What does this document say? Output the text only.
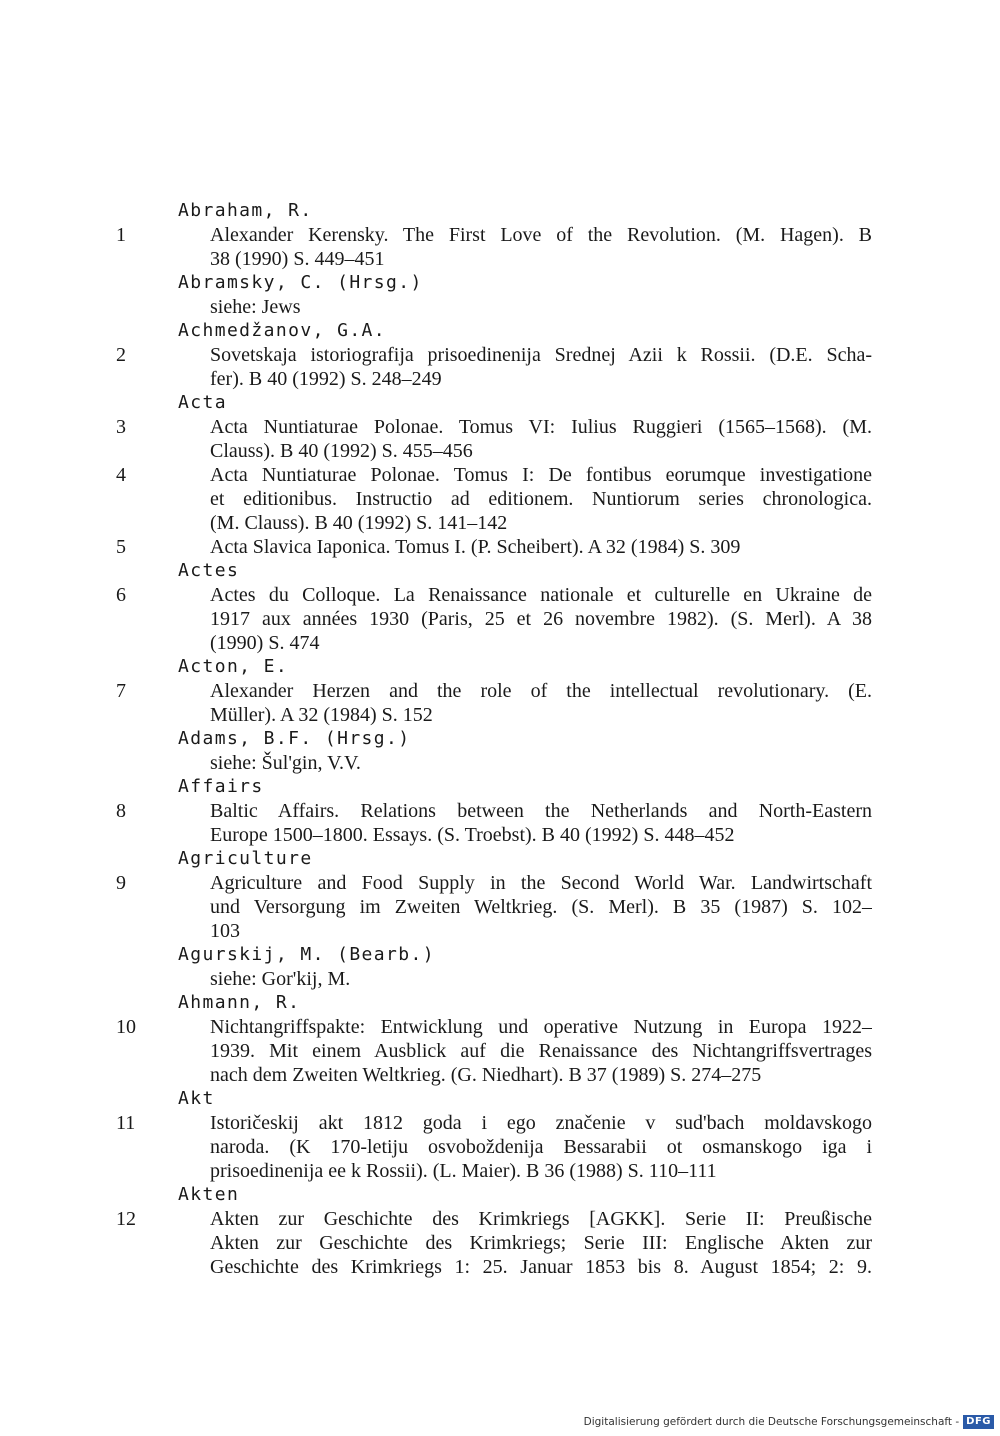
Abraham, R.
1	Alexander Kerensky. The First Love of the Revolution. (M. Hagen). B
38 (1990) S. 449–451
Abramsky, C. (Hrsg.)
siehe: Jews
Achmedžanov, G.A.
2	Sovetskaja istoriografija prisoedinenija Srednej Azii k Rossii. (D.E. Scha-
fer). B 40 (1992) S. 248–249
Acta
3	Acta Nuntiaturae Polonae. Tomus VI: Iulius Ruggieri (1565–1568). (M.
Clauss). B 40 (1992) S. 455–456
4	Acta Nuntiaturae Polonae. Tomus I: De fontibus eorumque investigatione
et editionibus. Instructio ad editionem. Nuntiorum series chronologica.
(M. Clauss). B 40 (1992) S. 141–142
5	Acta Slavica Iaponica. Tomus I. (P. Scheibert). A 32 (1984) S. 309
Actes
6	Actes du Colloque. La Renaissance nationale et culturelle en Ukraine de
1917 aux années 1930 (Paris, 25 et 26 novembre 1982). (S. Merl). A 38
(1990) S. 474
Acton, E.
7	Alexander Herzen and the role of the intellectual revolutionary. (E.
Müller). A 32 (1984) S. 152
Adams, B.F. (Hrsg.)
siehe: Šul'gin, V.V.
Affairs
8	Baltic Affairs. Relations between the Netherlands and North-Eastern
Europe 1500–1800. Essays. (S. Troebst). B 40 (1992) S. 448–452
Agriculture
9	Agriculture and Food Supply in the Second World War. Landwirtschaft
und Versorgung im Zweiten Weltkrieg. (S. Merl). B 35 (1987) S. 102–
103
Agurskij, M. (Bearb.)
siehe: Gor'kij, M.
Ahmann, R.
10	Nichtangriffspakte: Entwicklung und operative Nutzung in Europa 1922–
1939. Mit einem Ausblick auf die Renaissance des Nichtangriffsvertrages
nach dem Zweiten Weltkrieg. (G. Niedhart). B 37 (1989) S. 274–275
Akt
11	Istoričeskij akt 1812 goda i ego značenie v sud'bach moldavskogo
naroda. (K 170-letiju osvoboždenija Bessarabii ot osmanskogo iga i
prisoedinenija ee k Rossii). (L. Maier). B 36 (1988) S. 110–111
Akten
12	Akten zur Geschichte des Krimkriegs [AGKK]. Serie II: Preußische
Akten zur Geschichte des Krimkriegs; Serie III: Englische Akten zur
Geschichte des Krimkriegs 1: 25. Januar 1853 bis 8. August 1854; 2: 9.
Digitalisierung gefördert durch die Deutsche Forschungsgemeinschaft - DFG
